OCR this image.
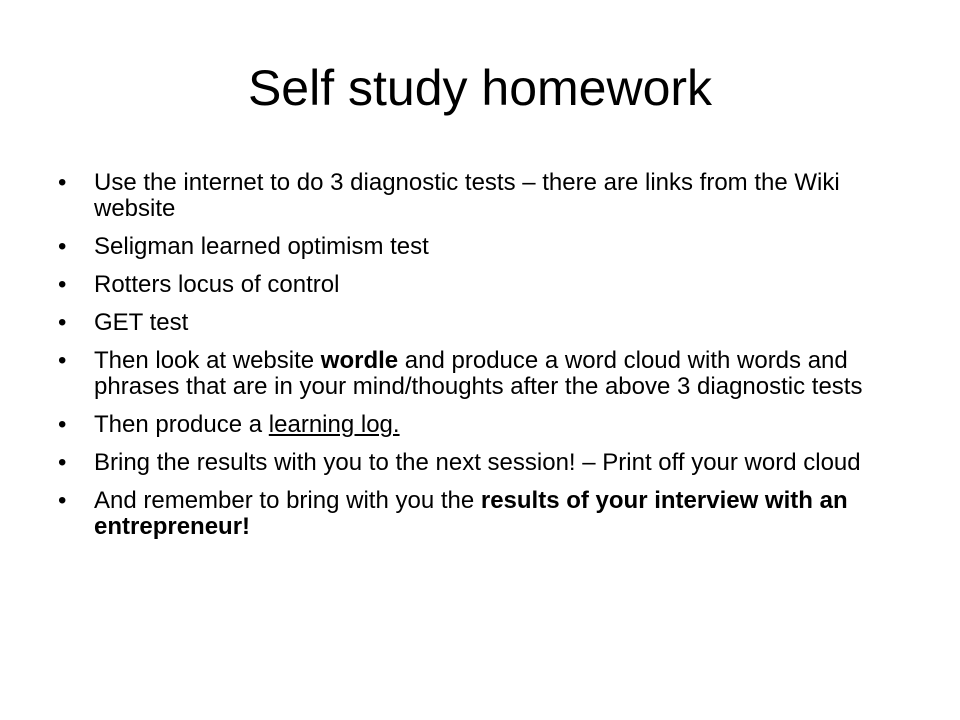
Self study homework
•	Use the internet to do 3 diagnostic tests – there are links from the Wiki website
•	Seligman learned optimism test
•	Rotters locus of control
•	GET test
•	Then look at website wordle and produce a word cloud with words and phrases that are in your mind/thoughts after the above 3 diagnostic tests
•	Then produce a learning log.
•	Bring the results with you to the next session! – Print off your word cloud
•	And remember to bring with you the results of your interview with an entrepreneur!
